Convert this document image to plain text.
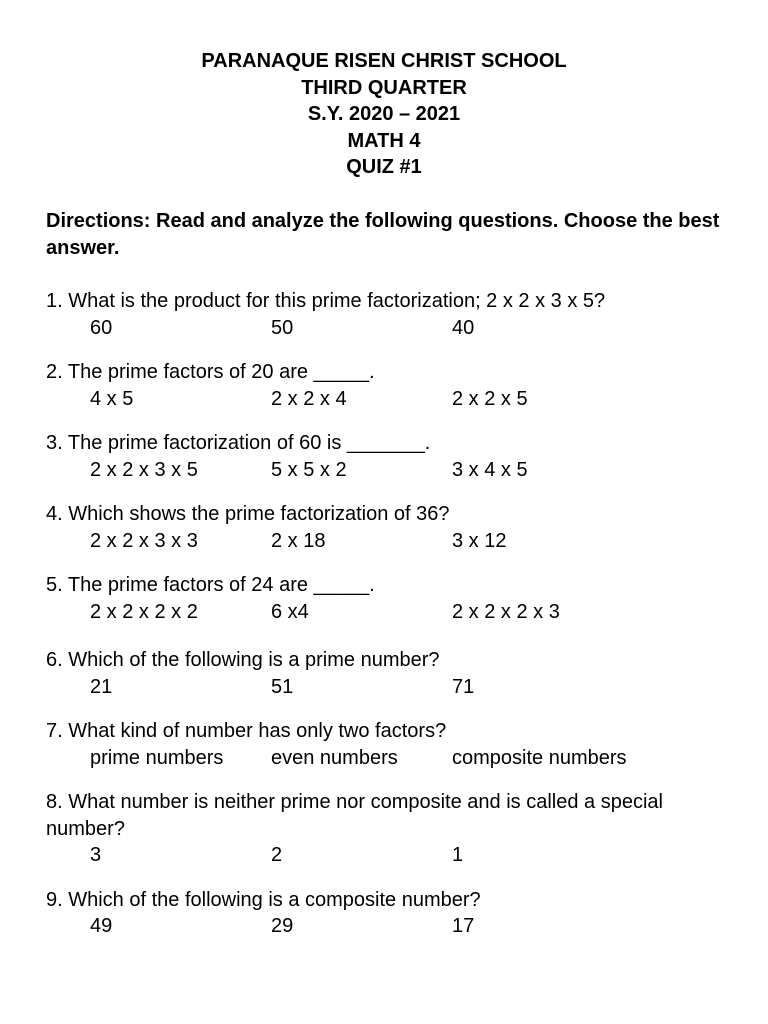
PARANAQUE RISEN CHRIST SCHOOL
THIRD QUARTER
S.Y. 2020 – 2021
MATH 4
QUIZ #1
Directions: Read and analyze the following questions. Choose the best answer.
1. What is the product for this prime factorization; 2 x 2 x 3 x 5?
60	50	40
2. The prime factors of 20 are _____.
4 x 5	2 x 2 x 4	2 x 2 x 5
3. The prime factorization of 60 is _______.
2 x 2 x 3 x 5	5 x 5 x 2	3 x 4 x 5
4. Which shows the prime factorization of 36?
2 x 2 x 3 x 3	2 x 18	3 x 12
5. The prime factors of 24 are _____.
2 x 2 x 2 x 2	6 x4	2 x 2 x 2 x 3
6. Which of the following is a prime number?
21	51	71
7. What kind of number has only two factors?
prime numbers	even numbers	composite numbers
8. What number is neither prime nor composite and is called a special number?
3	2	1
9. Which of the following is a composite number?
49	29	17
